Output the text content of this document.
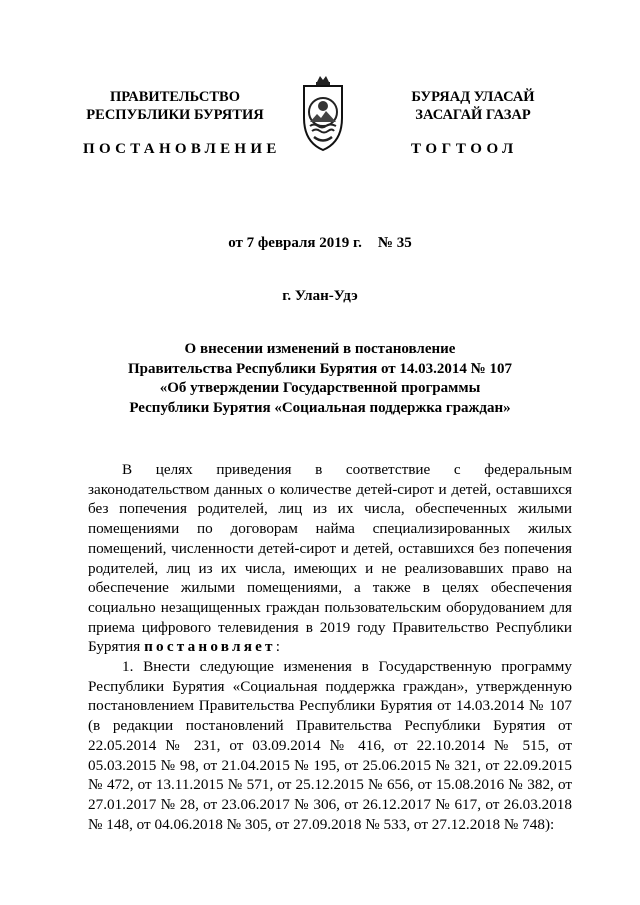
ПРАВИТЕЛЬСТВО
РЕСПУБЛИКИ БУРЯТИЯ
БУРЯАД УЛАСАЙ
ЗАСАГАЙ ГАЗАР
ПОСТАНОВЛЕНИЕ	ТОГТООЛ
от 7 февраля 2019 г. № 35
г. Улан-Удэ
О внесении изменений в постановление
Правительства Республики Бурятия от 14.03.2014 № 107
«Об утверждении Государственной программы
Республики Бурятия «Социальная поддержка граждан»

В целях приведения в соответствие с федеральным законодательством данных о количестве детей-сирот и детей, оставшихся без попечения родителей, лиц из их числа, обеспеченных жилыми помещениями по договорам найма специализированных жилых помещений, численности детей-сирот и детей, оставшихся без попечения родителей, лиц из их числа, имеющих и не реализовавших право на обеспечение жилыми помещениями, а также в целях обеспечения социально незащищенных граждан пользовательским оборудованием для приема цифрового телевидения в 2019 году Правительство Республики Бурятия постановляет:

1. Внести следующие изменения в Государственную программу Республики Бурятия «Социальная поддержка граждан», утвержденную постановлением Правительства Республики Бурятия от 14.03.2014 № 107 (в редакции постановлений Правительства Республики Бурятия от 22.05.2014 № 231, от 03.09.2014 № 416, от 22.10.2014 № 515, от 05.03.2015 № 98, от 21.04.2015 № 195, от 25.06.2015 № 321, от 22.09.2015 № 472, от 13.11.2015 № 571, от 25.12.2015 № 656, от 15.08.2016 № 382, от 27.01.2017 № 28, от 23.06.2017 № 306, от 26.12.2017 № 617, от 26.03.2018 № 148, от 04.06.2018 № 305, от 27.09.2018 № 533, от 27.12.2018 № 748):
